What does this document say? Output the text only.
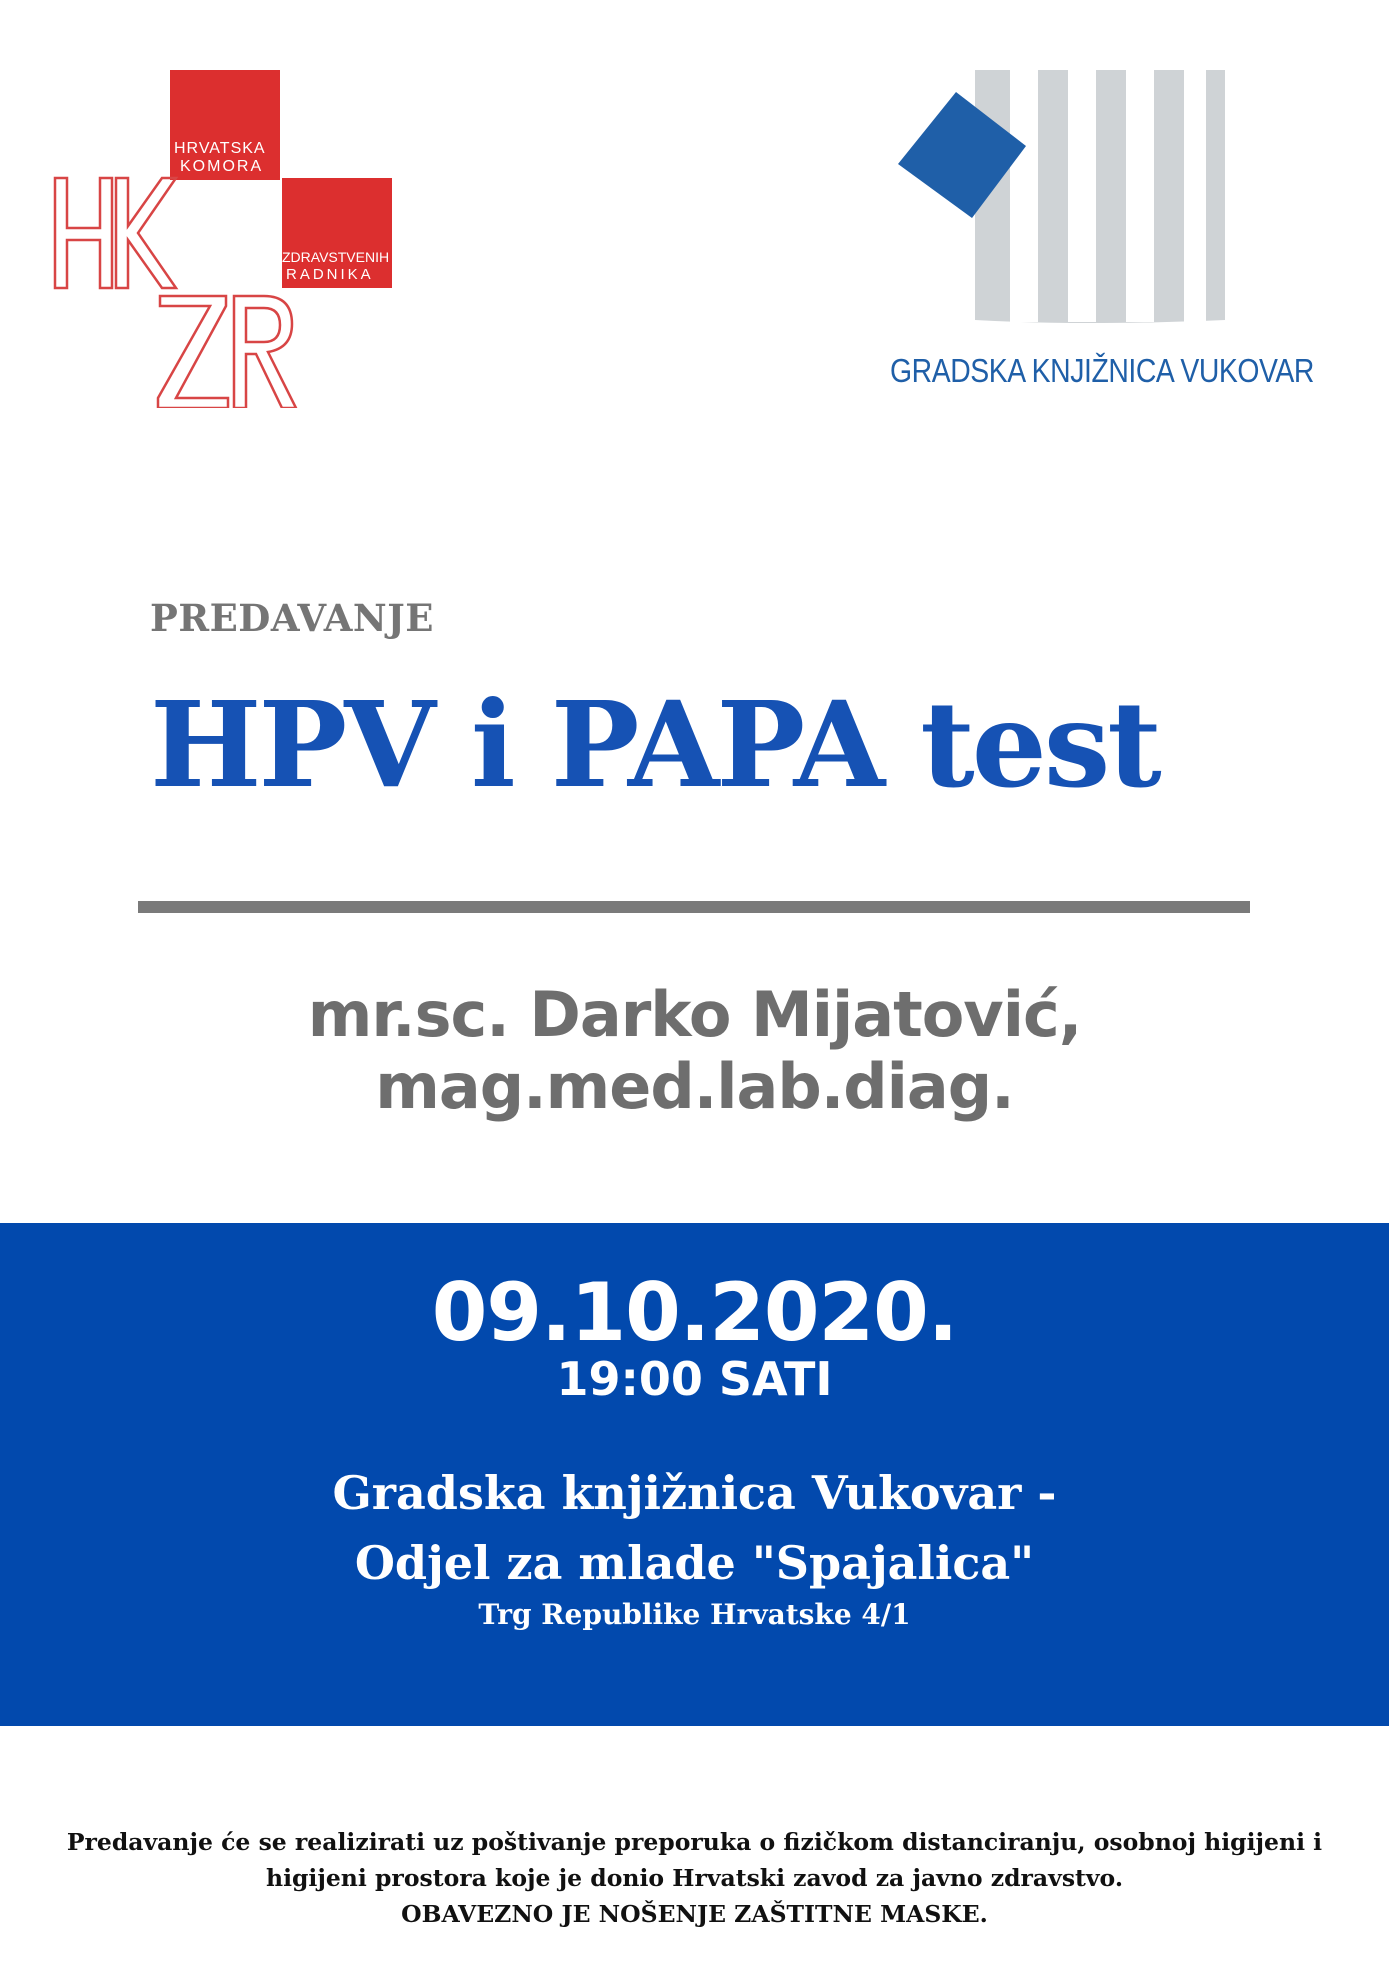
HRVATSKA
KOMORA
ZDRAVSTVENIH
RADNIKA
GRADSKA KNJIŽNICA VUKOVAR
PREDAVANJE
HPV i PAPA test
mr.sc. Darko Mijatović,
mag.med.lab.diag.
09.10.2020.
19:00 SATI
Gradska knjižnica Vukovar -
Odjel za mlade "Spajalica"
Trg Republike Hrvatske 4/1
Predavanje će se realizirati uz poštivanje preporuka o fizičkom distanciranju, osobnoj higijeni i
higijeni prostora koje je donio Hrvatski zavod za javno zdravstvo.
OBAVEZNO JE NOŠENJE ZAŠTITNE MASKE.
